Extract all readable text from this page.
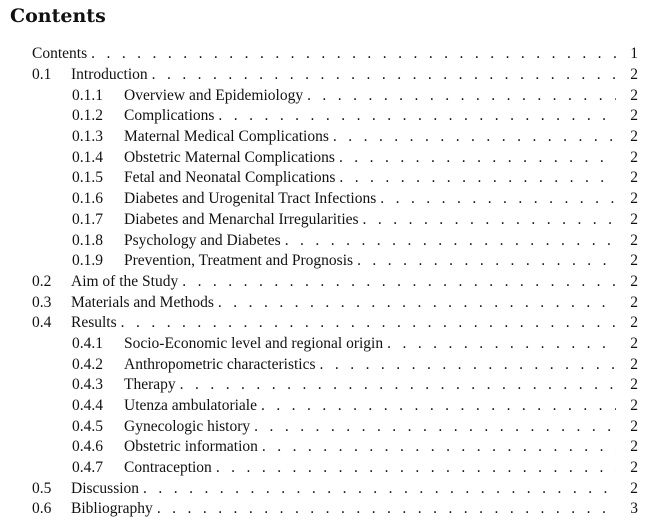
Contents
Contents . . .	1
0.1	Introduction . . .	2
0.1.1	Overview and Epidemiology . . .	2
0.1.2	Complications . . .	2
0.1.3	Maternal Medical Complications . . .	2
0.1.4	Obstetric Maternal Complications . . .	2
0.1.5	Fetal and Neonatal Complications . . .	2
0.1.6	Diabetes and Urogenital Tract Infections . . .	2
0.1.7	Diabetes and Menarchal Irregularities . . .	2
0.1.8	Psychology and Diabetes . . .	2
0.1.9	Prevention, Treatment and Prognosis . . .	2
0.2	Aim of the Study . . .	2
0.3	Materials and Methods . . .	2
0.4	Results . . .	2
0.4.1	Socio-Economic level and regional origin . . .	2
0.4.2	Anthropometric characteristics . . .	2
0.4.3	Therapy . . .	2
0.4.4	Utenza ambulatoriale . . .	2
0.4.5	Gynecologic history . . .	2
0.4.6	Obstetric information . . .	2
0.4.7	Contraception . . .	2
0.5	Discussion . . .	2
0.6	Bibliography . . .	3
